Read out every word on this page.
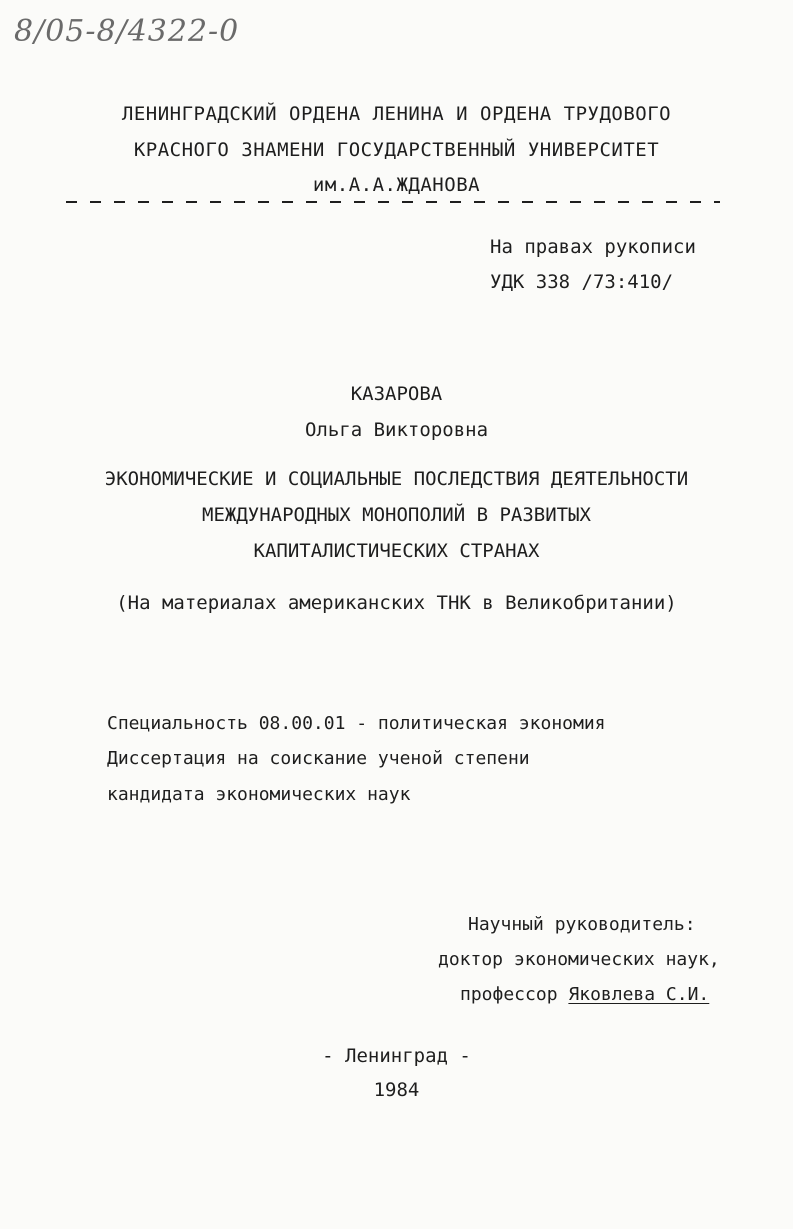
8/05-8/4322-0
ЛЕНИНГРАДСКИЙ ОРДЕНА ЛЕНИНА И ОРДЕНА ТРУДОВОГО
КРАСНОГО ЗНАМЕНИ ГОСУДАРСТВЕННЫЙ УНИВЕРСИТЕТ
им.А.А.ЖДАНОВА
На правах рукописи
УДК 338 /73:410/
КАЗАРОВА
Ольга Викторовна
ЭКОНОМИЧЕСКИЕ И СОЦИАЛЬНЫЕ ПОСЛЕДСТВИЯ ДЕЯТЕЛЬНОСТИ
МЕЖДУНАРОДНЫХ МОНОПОЛИЙ В РАЗВИТЫХ
КАПИТАЛИСТИЧЕСКИХ СТРАНАХ
(На материалах американских ТНК в Великобритании)
Специальность 08.00.01 - политическая экономия
Диссертация на соискание ученой степени
кандидата экономических наук
Научный руководитель:
доктор экономических наук,
профессор Яковлева С.И.
- Ленинград -
1984
